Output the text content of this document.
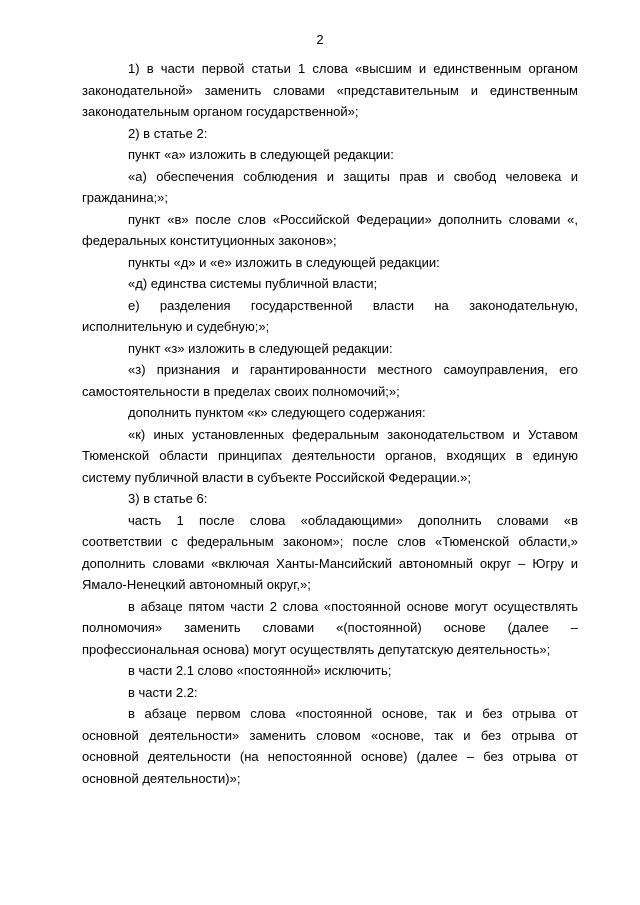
2

1) в части первой статьи 1 слова «высшим и единственным органом законодательной» заменить словами «представительным и единственным законодательным органом государственной»;

2) в статье 2:

пункт «а» изложить в следующей редакции:

«а) обеспечения соблюдения и защиты прав и свобод человека и гражданина;»;

пункт «в» после слов «Российской Федерации» дополнить словами «, федеральных конституционных законов»;

пункты «д» и «е» изложить в следующей редакции:

«д) единства системы публичной власти;

е) разделения государственной власти на законодательную, исполнительную и судебную;»;

пункт «з» изложить в следующей редакции:

«з) признания и гарантированности местного самоуправления, его самостоятельности в пределах своих полномочий;»;

дополнить пунктом «к» следующего содержания:

«к) иных установленных федеральным законодательством и Уставом Тюменской области принципах деятельности органов, входящих в единую систему публичной власти в субъекте Российской Федерации.»;

3) в статье 6:

часть 1 после слова «обладающими» дополнить словами «в соответствии с федеральным законом»; после слов «Тюменской области,» дополнить словами «включая Ханты-Мансийский автономный округ – Югру и Ямало-Ненецкий автономный округ,»;

в абзаце пятом части 2 слова «постоянной основе могут осуществлять полномочия» заменить словами «(постоянной) основе (далее – профессиональная основа) могут осуществлять депутатскую деятельность»;

в части 2.1 слово «постоянной» исключить;

в части 2.2:

в абзаце первом слова «постоянной основе, так и без отрыва от основной деятельности» заменить словом «основе, так и без отрыва от основной деятельности (на непостоянной основе) (далее – без отрыва от основной деятельности)»;
